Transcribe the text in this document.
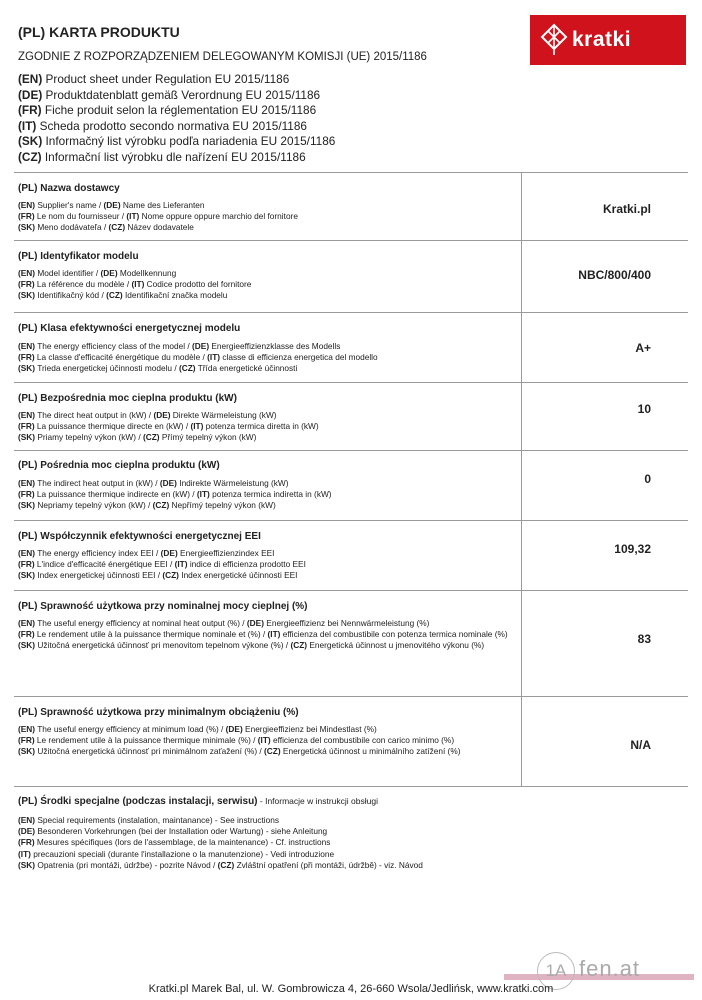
(PL) KARTA PRODUKTU
ZGODNIE Z ROZPORZĄDZENIEM DELEGOWANYM KOMISJI (UE) 2015/1186
(EN) Product sheet under Regulation EU 2015/1186
(DE) Produktdatenblatt gemäß Verordnung EU 2015/1186
(FR) Fiche produit selon la réglementation EU 2015/1186
(IT) Scheda prodotto secondo normativa EU 2015/1186
(SK) Informačný list výrobku podľa nariadenia EU 2015/1186
(CZ) Informační list výrobku dle nařízení EU 2015/1186
kratki
(PL) Nazwa dostawcy
(EN) Supplier's name / (DE) Name des Lieferanten
(FR) Le nom du fournisseur / (IT) Nome oppure oppure marchio del fornitore
(SK) Meno dodávateľa / (CZ) Název dodavatele
Kratki.pl
(PL) Identyfikator modelu
(EN) Model identifier / (DE) Modellkennung
(FR) La référence du modèle / (IT) Codice prodotto del fornitore
(SK) Identifikačný kód / (CZ) Identifikační značka modelu
NBC/800/400
(PL) Klasa efektywności energetycznej modelu
(EN) The energy efficiency class of the model / (DE) Energieeffizienzklasse des Modells
(FR) La classe d'efficacité énergétique du modèle / (IT) classe di efficienza energetica del modello
(SK) Trieda energetickej účinnosti modelu / (CZ) Třída energetické účinnosti
A+
(PL) Bezpośrednia moc cieplna produktu (kW)
(EN) The direct heat output in (kW) / (DE) Direkte Wärmeleistung (kW)
(FR) La puissance thermique directe en (kW) / (IT) potenza termica diretta in (kW)
(SK) Priamy tepelný výkon (kW) / (CZ) Přímý tepelný výkon (kW)
10
(PL) Pośrednia moc cieplna produktu (kW)
(EN) The indirect heat output in (kW) / (DE) Indirekte Wärmeleistung (kW)
(FR) La puissance thermique indirecte en (kW) / (IT) potenza termica indiretta in (kW)
(SK) Nepriamy tepelný výkon (kW) / (CZ) Nepřímý tepelný výkon (kW)
0
(PL) Współczynnik efektywności energetycznej EEI
(EN) The energy efficiency index EEI / (DE) Energieeffizienzindex EEI
(FR) L'indice d'efficacité énergétique EEI / (IT) indice di efficienza prodotto EEI
(SK) Index energetickej účinnosti EEI / (CZ) Index energetické účinnosti EEI
109,32
(PL) Sprawność użytkowa przy nominalnej mocy cieplnej (%)
(EN) The useful energy efficiency at nominal heat output (%) / (DE) Energieeffizienz bei Nennwärmeleistung (%)
(FR) Le rendement utile à la puissance thermique nominale et (%) / (IT) efficienza del combustibile con potenza termica nominale (%)
(SK) Užitočná energetická účinnosť pri menovitom tepelnom výkone (%) / (CZ) Energetická účinnost u jmenovitého výkonu (%)	83
(PL) Sprawność użytkowa przy minimalnym obciążeniu (%)
(EN) The useful energy efficiency at minimum load (%) / (DE) Energieeffizienz bei Mindestlast (%)
(FR) Le rendement utile à la puissance thermique minimale (%) / (IT) efficienza del combustibile con carico minimo (%)
(SK) Užitočná energetická účinnosť pri minimálnom zaťažení (%) / (CZ) Energetická účinnost u minimálního zatížení (%)	N/A
(PL) Środki specjalne (podczas instalacji, serwisu) - Informacje w instrukcji obsługi
(EN) Special requirements (instalation, maintanance) - See instructions
(DE) Besonderen Vorkehrungen (bei der Installation oder Wartung) - siehe Anleitung
(FR) Mesures spécifiques (lors de l'assemblage, de la maintenance) - Cf. instructions
(IT) precauzioni speciali (durante l'installazione o la manutenzione) - Vedi introduzione
(SK) Opatrenia (pri montáži, údržbe) - pozrite Návod / (CZ) Zvláštní opatření (při montáži, údržbě) - viz. Návod
1A fen.at
Kratki.pl Marek Bal, ul. W. Gombrowicza 4, 26-660 Wsola/Jedlińsk, www.kratki.com
